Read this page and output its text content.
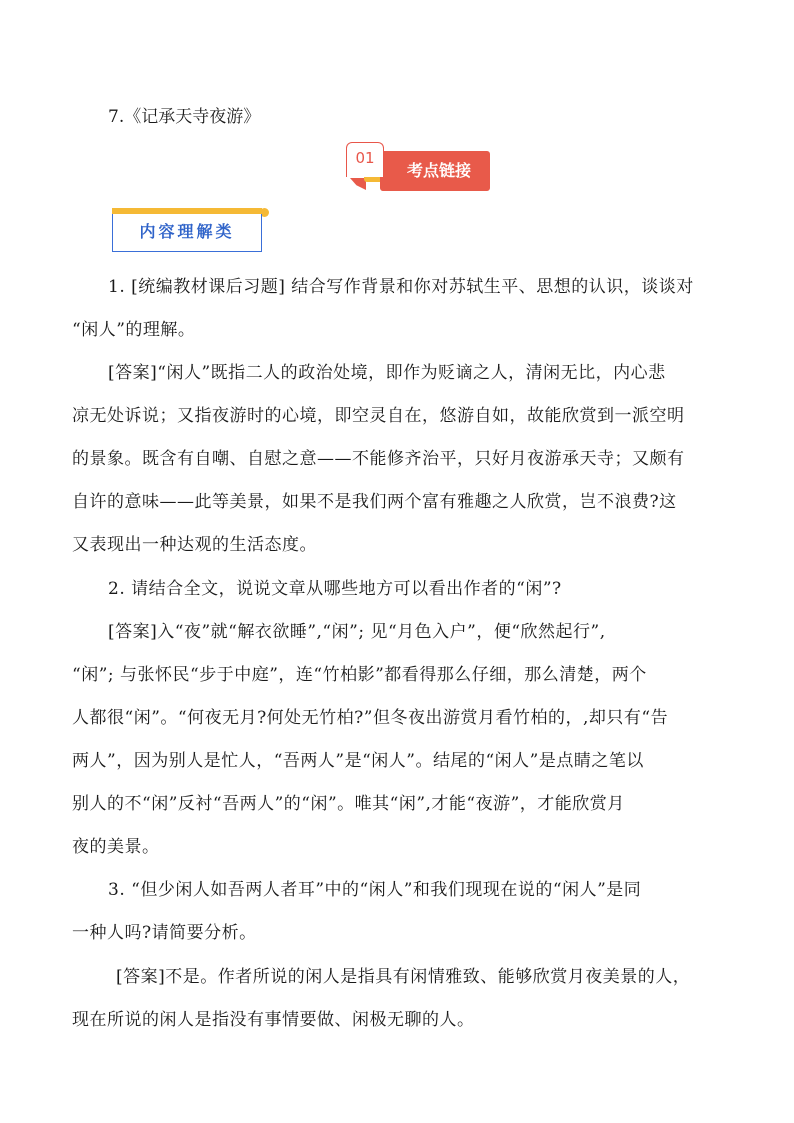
7.《记承天寺夜游》
考点链接
01
内容理解类
1. [统编教材课后习题] 结合写作背景和你对苏轼生平、思想的认识，谈谈对
“闲人”的理解。
[答案]“闲人”既指二人的政治处境，即作为贬谪之人，清闲无比，内心悲
凉无处诉说；又指夜游时的心境，即空灵自在，悠游自如，故能欣赏到一派空明
的景象。既含有自嘲、自慰之意——不能修齐治平，只好月夜游承天寺；又颇有
自许的意味——此等美景，如果不是我们两个富有雅趣之人欣赏，岂不浪费?这
又表现出一种达观的生活态度。
2. 请结合全文，说说文章从哪些地方可以看出作者的“闲”?
[答案]入“夜”就“解衣欲睡”,“闲”; 见“月色入户”，便“欣然起行”,
“闲”; 与张怀民“步于中庭”，连“竹柏影”都看得那么仔细，那么清楚，两个
人都很“闲”。“何夜无月?何处无竹柏?”但冬夜出游赏月看竹柏的，,却只有“告
两人”，因为别人是忙人，“吾两人”是“闲人”。结尾的“闲人”是点睛之笔以
别人的不“闲”反衬“吾两人”的“闲”。唯其“闲”,才能“夜游”，才能欣赏月
夜的美景。
3. “但少闲人如吾两人者耳”中的“闲人”和我们现现在说的“闲人”是同
一种人吗?请简要分析。
[答案]不是。作者所说的闲人是指具有闲情雅致、能够欣赏月夜美景的人，
现在所说的闲人是指没有事情要做、闲极无聊的人。
